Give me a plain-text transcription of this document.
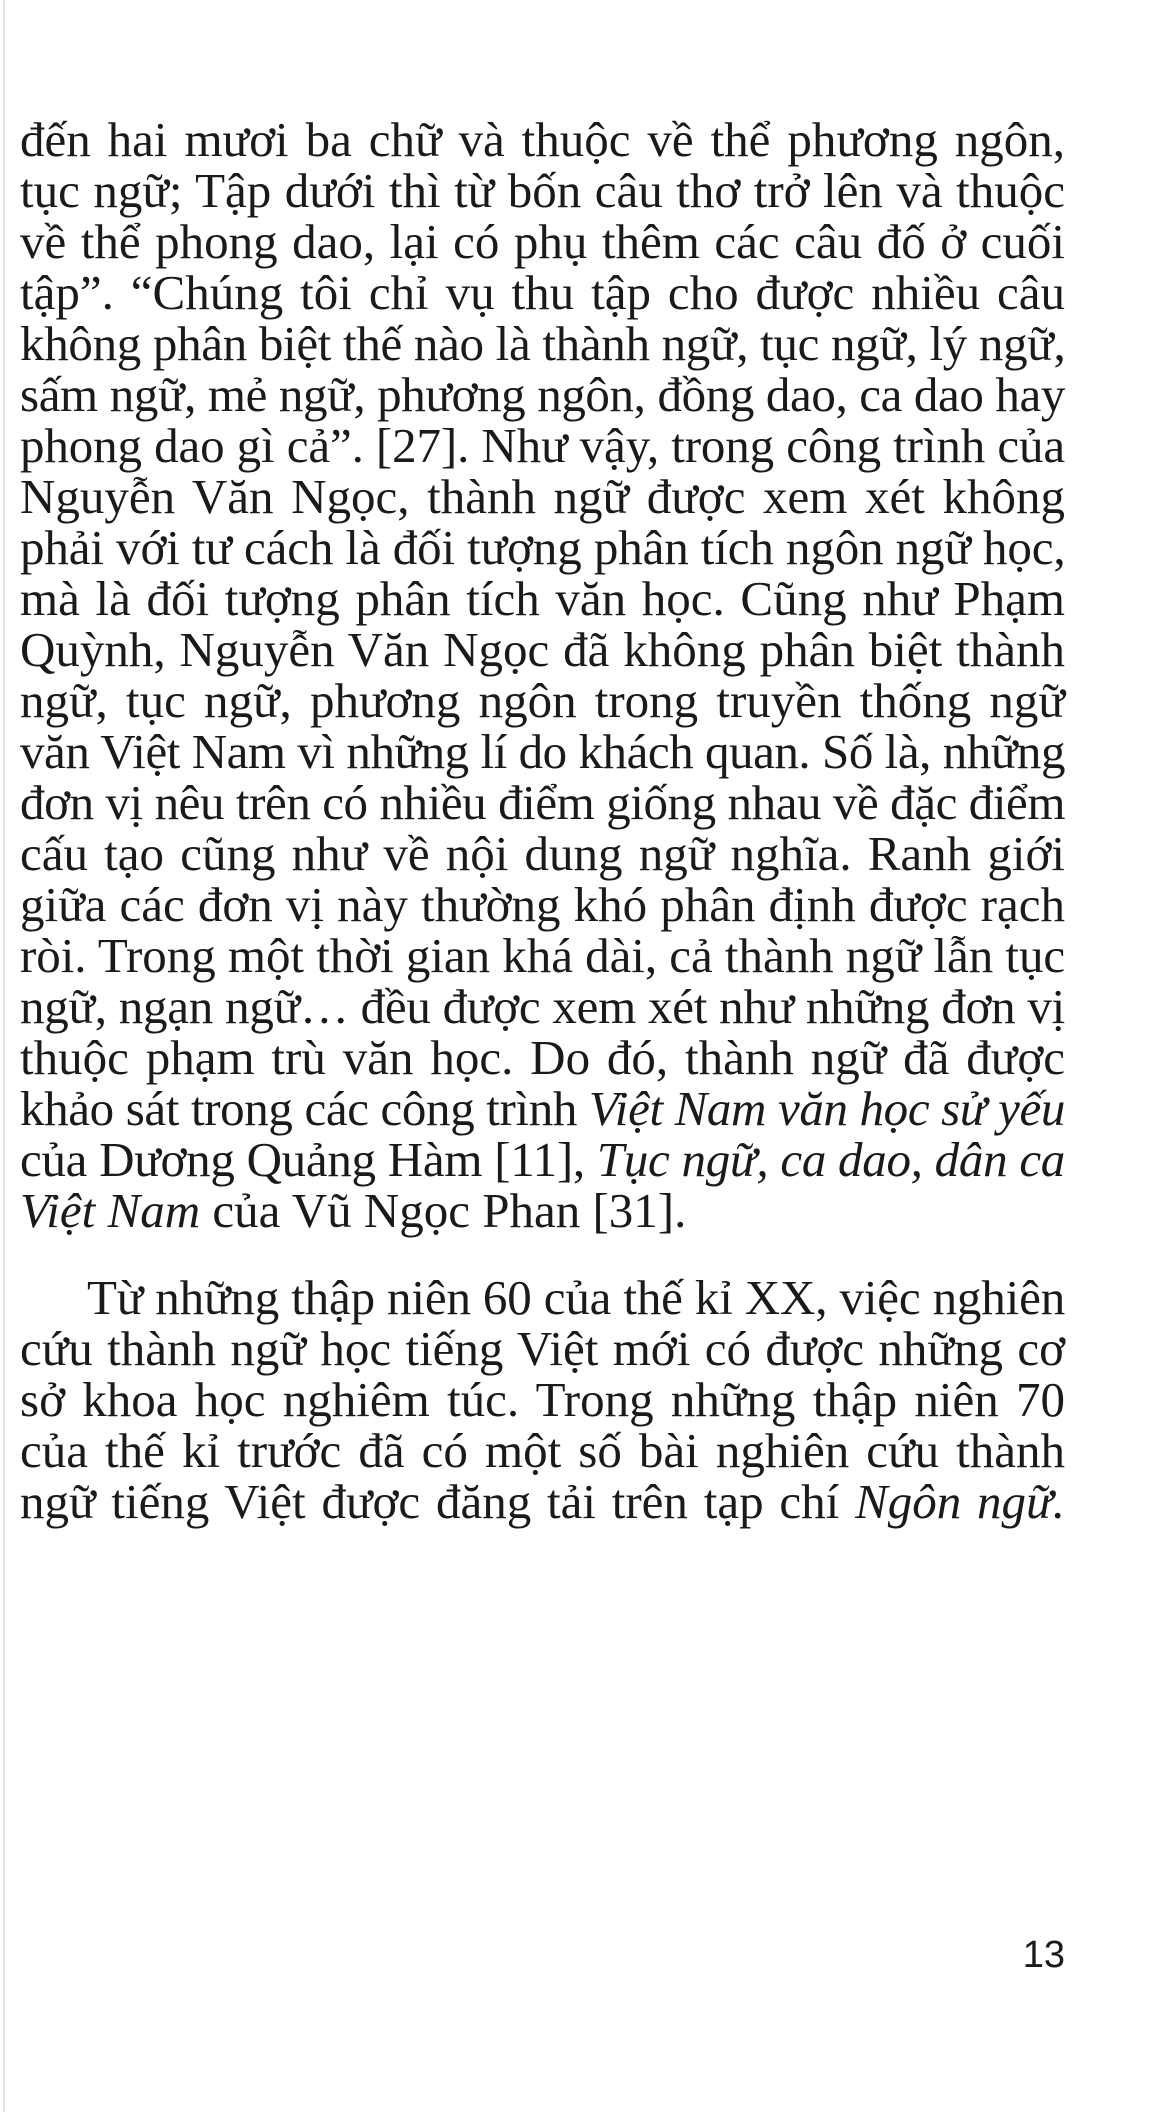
đến hai mươi ba chữ và thuộc về thể phương ngôn,
tục ngữ; Tập dưới thì từ bốn câu thơ trở lên và thuộc
về thể phong dao, lại có phụ thêm các câu đố ở cuối
tập”. “Chúng tôi chỉ vụ thu tập cho được nhiều câu
không phân biệt thế nào là thành ngữ, tục ngữ, lý ngữ,
sấm ngữ, mẻ ngữ, phương ngôn, đồng dao, ca dao hay
phong dao gì cả”. [27]. Như vậy, trong công trình của
Nguyễn Văn Ngọc, thành ngữ được xem xét không
phải với tư cách là đối tượng phân tích ngôn ngữ học,
mà là đối tượng phân tích văn học. Cũng như Phạm
Quỳnh, Nguyễn Văn Ngọc đã không phân biệt thành
ngữ, tục ngữ, phương ngôn trong truyền thống ngữ
văn Việt Nam vì những lí do khách quan. Số là, những
đơn vị nêu trên có nhiều điểm giống nhau về đặc điểm
cấu tạo cũng như về nội dung ngữ nghĩa. Ranh giới
giữa các đơn vị này thường khó phân định được rạch
ròi. Trong một thời gian khá dài, cả thành ngữ lẫn tục
ngữ, ngạn ngữ… đều được xem xét như những đơn vị
thuộc phạm trù văn học. Do đó, thành ngữ đã được
khảo sát trong các công trình Việt Nam văn học sử yếu
của Dương Quảng Hàm [11], Tục ngữ, ca dao, dân ca
Việt Nam của Vũ Ngọc Phan [31].
Từ những thập niên 60 của thế kỉ XX, việc nghiên
cứu thành ngữ học tiếng Việt mới có được những cơ
sở khoa học nghiêm túc. Trong những thập niên 70
của thế kỉ trước đã có một số bài nghiên cứu thành
ngữ tiếng Việt được đăng tải trên tạp chí Ngôn ngữ.
13
